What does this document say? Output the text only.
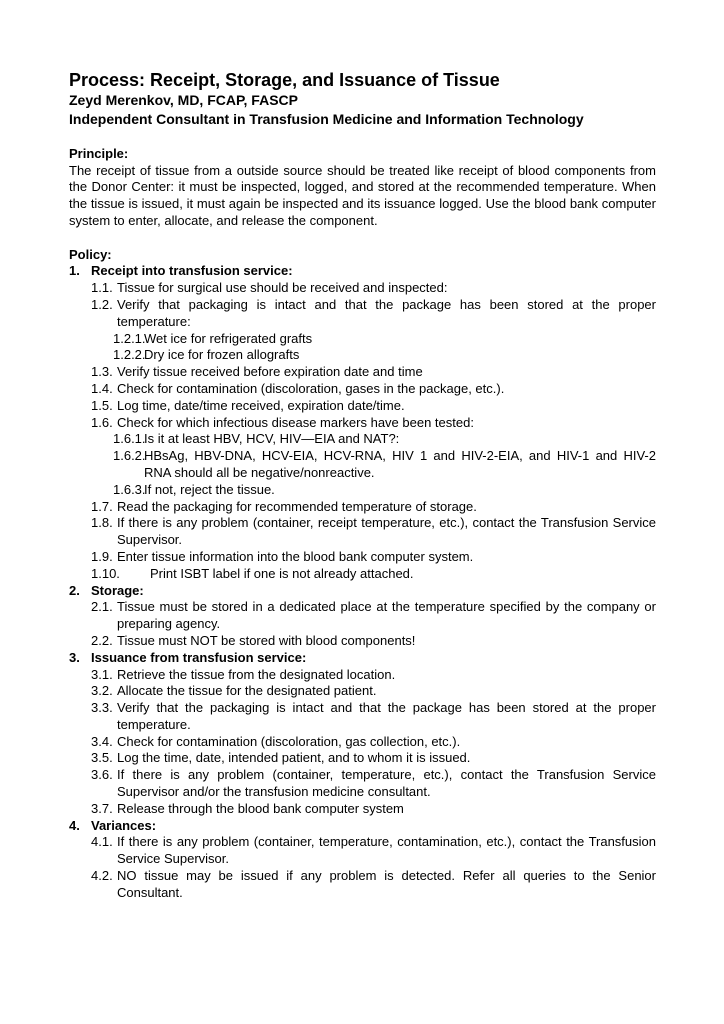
Process: Receipt, Storage, and Issuance of Tissue

Zeyd Merenkov, MD, FCAP, FASCP

Independent Consultant in Transfusion Medicine and Information Technology

Principle:

The receipt of tissue from a outside source should be treated like receipt of blood components from the Donor Center: it must be inspected, logged, and stored at the recommended temperature. When the tissue is issued, it must again be inspected and its issuance logged. Use the blood bank computer system to enter, allocate, and release the component.

Policy:

1. Receipt into transfusion service:
1.1. Tissue for surgical use should be received and inspected:
1.2. Verify that packaging is intact and that the package has been stored at the proper temperature:
1.2.1.
Wet ice for refrigerated grafts
1.2.2.
Dry ice for frozen allografts
1.3. Verify tissue received before expiration date and time
1.4. Check for contamination (discoloration, gases in the package, etc.).
1.5. Log time, date/time received, expiration date/time.
1.6. Check for which infectious disease markers have been tested:
1.6.1.
Is it at least HBV, HCV, HIV—EIA and NAT?:
1.6.2.
HBsAg, HBV-DNA, HCV-EIA, HCV-RNA, HIV 1 and HIV-2-EIA, and HIV-1 and HIV-2 RNA should all be negative/nonreactive.
1.6.3.
If not, reject the tissue.
1.7. Read the packaging for recommended temperature of storage.
1.8. If there is any problem (container, receipt temperature, etc.), contact the Transfusion Service Supervisor.
1.9. Enter tissue information into the blood bank computer system.
1.10.	Print ISBT label if one is not already attached.
2. Storage:
2.1. Tissue must be stored in a dedicated place at the temperature specified by the company or preparing agency.
2.2. Tissue must NOT be stored with blood components!
3. Issuance from transfusion service:
3.1. Retrieve the tissue from the designated location.
3.2. Allocate the tissue for the designated patient.
3.3. Verify that the packaging is intact and that the package has been stored at the proper temperature.
3.4. Check for contamination (discoloration, gas collection, etc.).
3.5. Log the time, date, intended patient, and to whom it is issued.
3.6. If there is any problem (container, temperature, etc.), contact the Transfusion Service Supervisor and/or the transfusion medicine consultant.
3.7. Release through the blood bank computer system
4. Variances:
4.1. If there is any problem (container, temperature, contamination, etc.), contact the Transfusion Service Supervisor.
4.2. NO tissue may be issued if any problem is detected. Refer all queries to the Senior Consultant.
